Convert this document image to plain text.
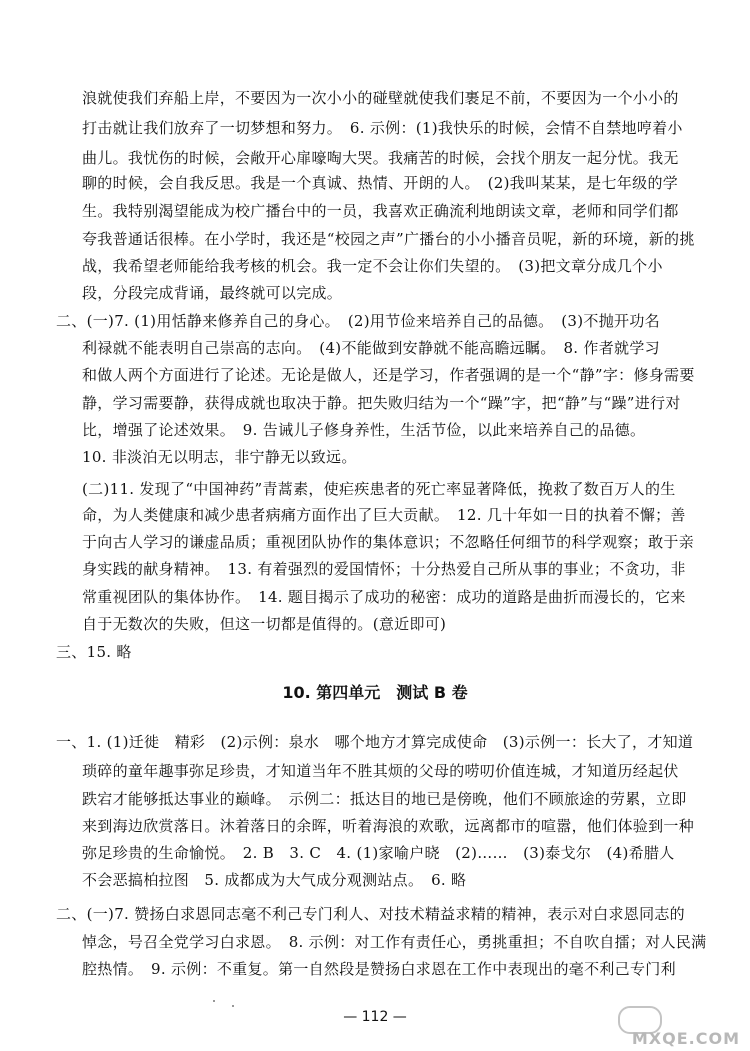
浪就使我们弃船上岸，不要因为一次小小的碰壁就使我们裹足不前，不要因为一个小小的
打击就让我们放弃了一切梦想和努力。　6. 示例：(1)我快乐的时候，会情不自禁地哼着小
曲儿。我忧伤的时候，会敞开心扉嚎啕大哭。我痛苦的时候，会找个朋友一起分忧。我无
聊的时候，会自我反思。我是一个真诚、热情、开朗的人。　(2)我叫某某，是七年级的学
生。我特别渴望能成为校广播台中的一员，我喜欢正确流利地朗读文章，老师和同学们都
夸我普通话很棒。在小学时，我还是“校园之声”广播台的小小播音员呢，新的环境，新的挑
战，我希望老师能给我考核的机会。我一定不会让你们失望的。　(3)把文章分成几个小
段，分段完成背诵，最终就可以完成。
二、(一)7. (1)用恬静来修养自己的身心。　(2)用节俭来培养自己的品德。　(3)不抛开功名
利禄就不能表明自己崇高的志向。　(4)不能做到安静就不能高瞻远瞩。　8. 作者就学习
和做人两个方面进行了论述。无论是做人，还是学习，作者强调的是一个“静”字：修身需要
静，学习需要静，获得成就也取决于静。把失败归结为一个“躁”字，把“静”与“躁”进行对
比，增强了论述效果。　9. 告诫儿子修身养性，生活节俭，以此来培养自己的品德。
10. 非淡泊无以明志，非宁静无以致远。
(二)11. 发现了“中国神药”青蒿素，使疟疾患者的死亡率显著降低，挽救了数百万人的生
命，为人类健康和减少患者病痛方面作出了巨大贡献。　12. 几十年如一日的执着不懈；善
于向古人学习的谦虚品质；重视团队协作的集体意识；不忽略任何细节的科学观察；敢于亲
身实践的献身精神。　13. 有着强烈的爱国情怀；十分热爱自己所从事的事业；不贪功，非
常重视团队的集体协作。　14. 题目揭示了成功的秘密：成功的道路是曲折而漫长的，它来
自于无数次的失败，但这一切都是值得的。(意近即可)
三、15. 略
10. 第四单元　测试 B 卷
一、1. (1)迁徙　精彩　(2)示例：泉水　哪个地方才算完成使命　(3)示例一：长大了，才知道
琐碎的童年趣事弥足珍贵，才知道当年不胜其烦的父母的唠叨价值连城，才知道历经起伏
跌宕才能够抵达事业的巅峰。　示例二：抵达目的地已是傍晚，他们不顾旅途的劳累，立即
来到海边欣赏落日。沐着落日的余晖，听着海浪的欢歌，远离都市的喧嚣，他们体验到一种
弥足珍贵的生命愉悦。　2. B　3. C　4. (1)家喻户晓　(2)……　(3)泰戈尔　(4)希腊人
不会恶搞柏拉图　5. 成都成为大气成分观测站点。　6. 略
二、(一)7. 赞扬白求恩同志毫不利己专门利人、对技术精益求精的精神，表示对白求恩同志的
悼念，号召全党学习白求恩。　8. 示例：对工作有责任心，勇挑重担；不自吹自擂；对人民满
腔热情。　9. 示例：不重复。第一自然段是赞扬白求恩在工作中表现出的毫不利己专门利
— 112 —
MXQE.COM
